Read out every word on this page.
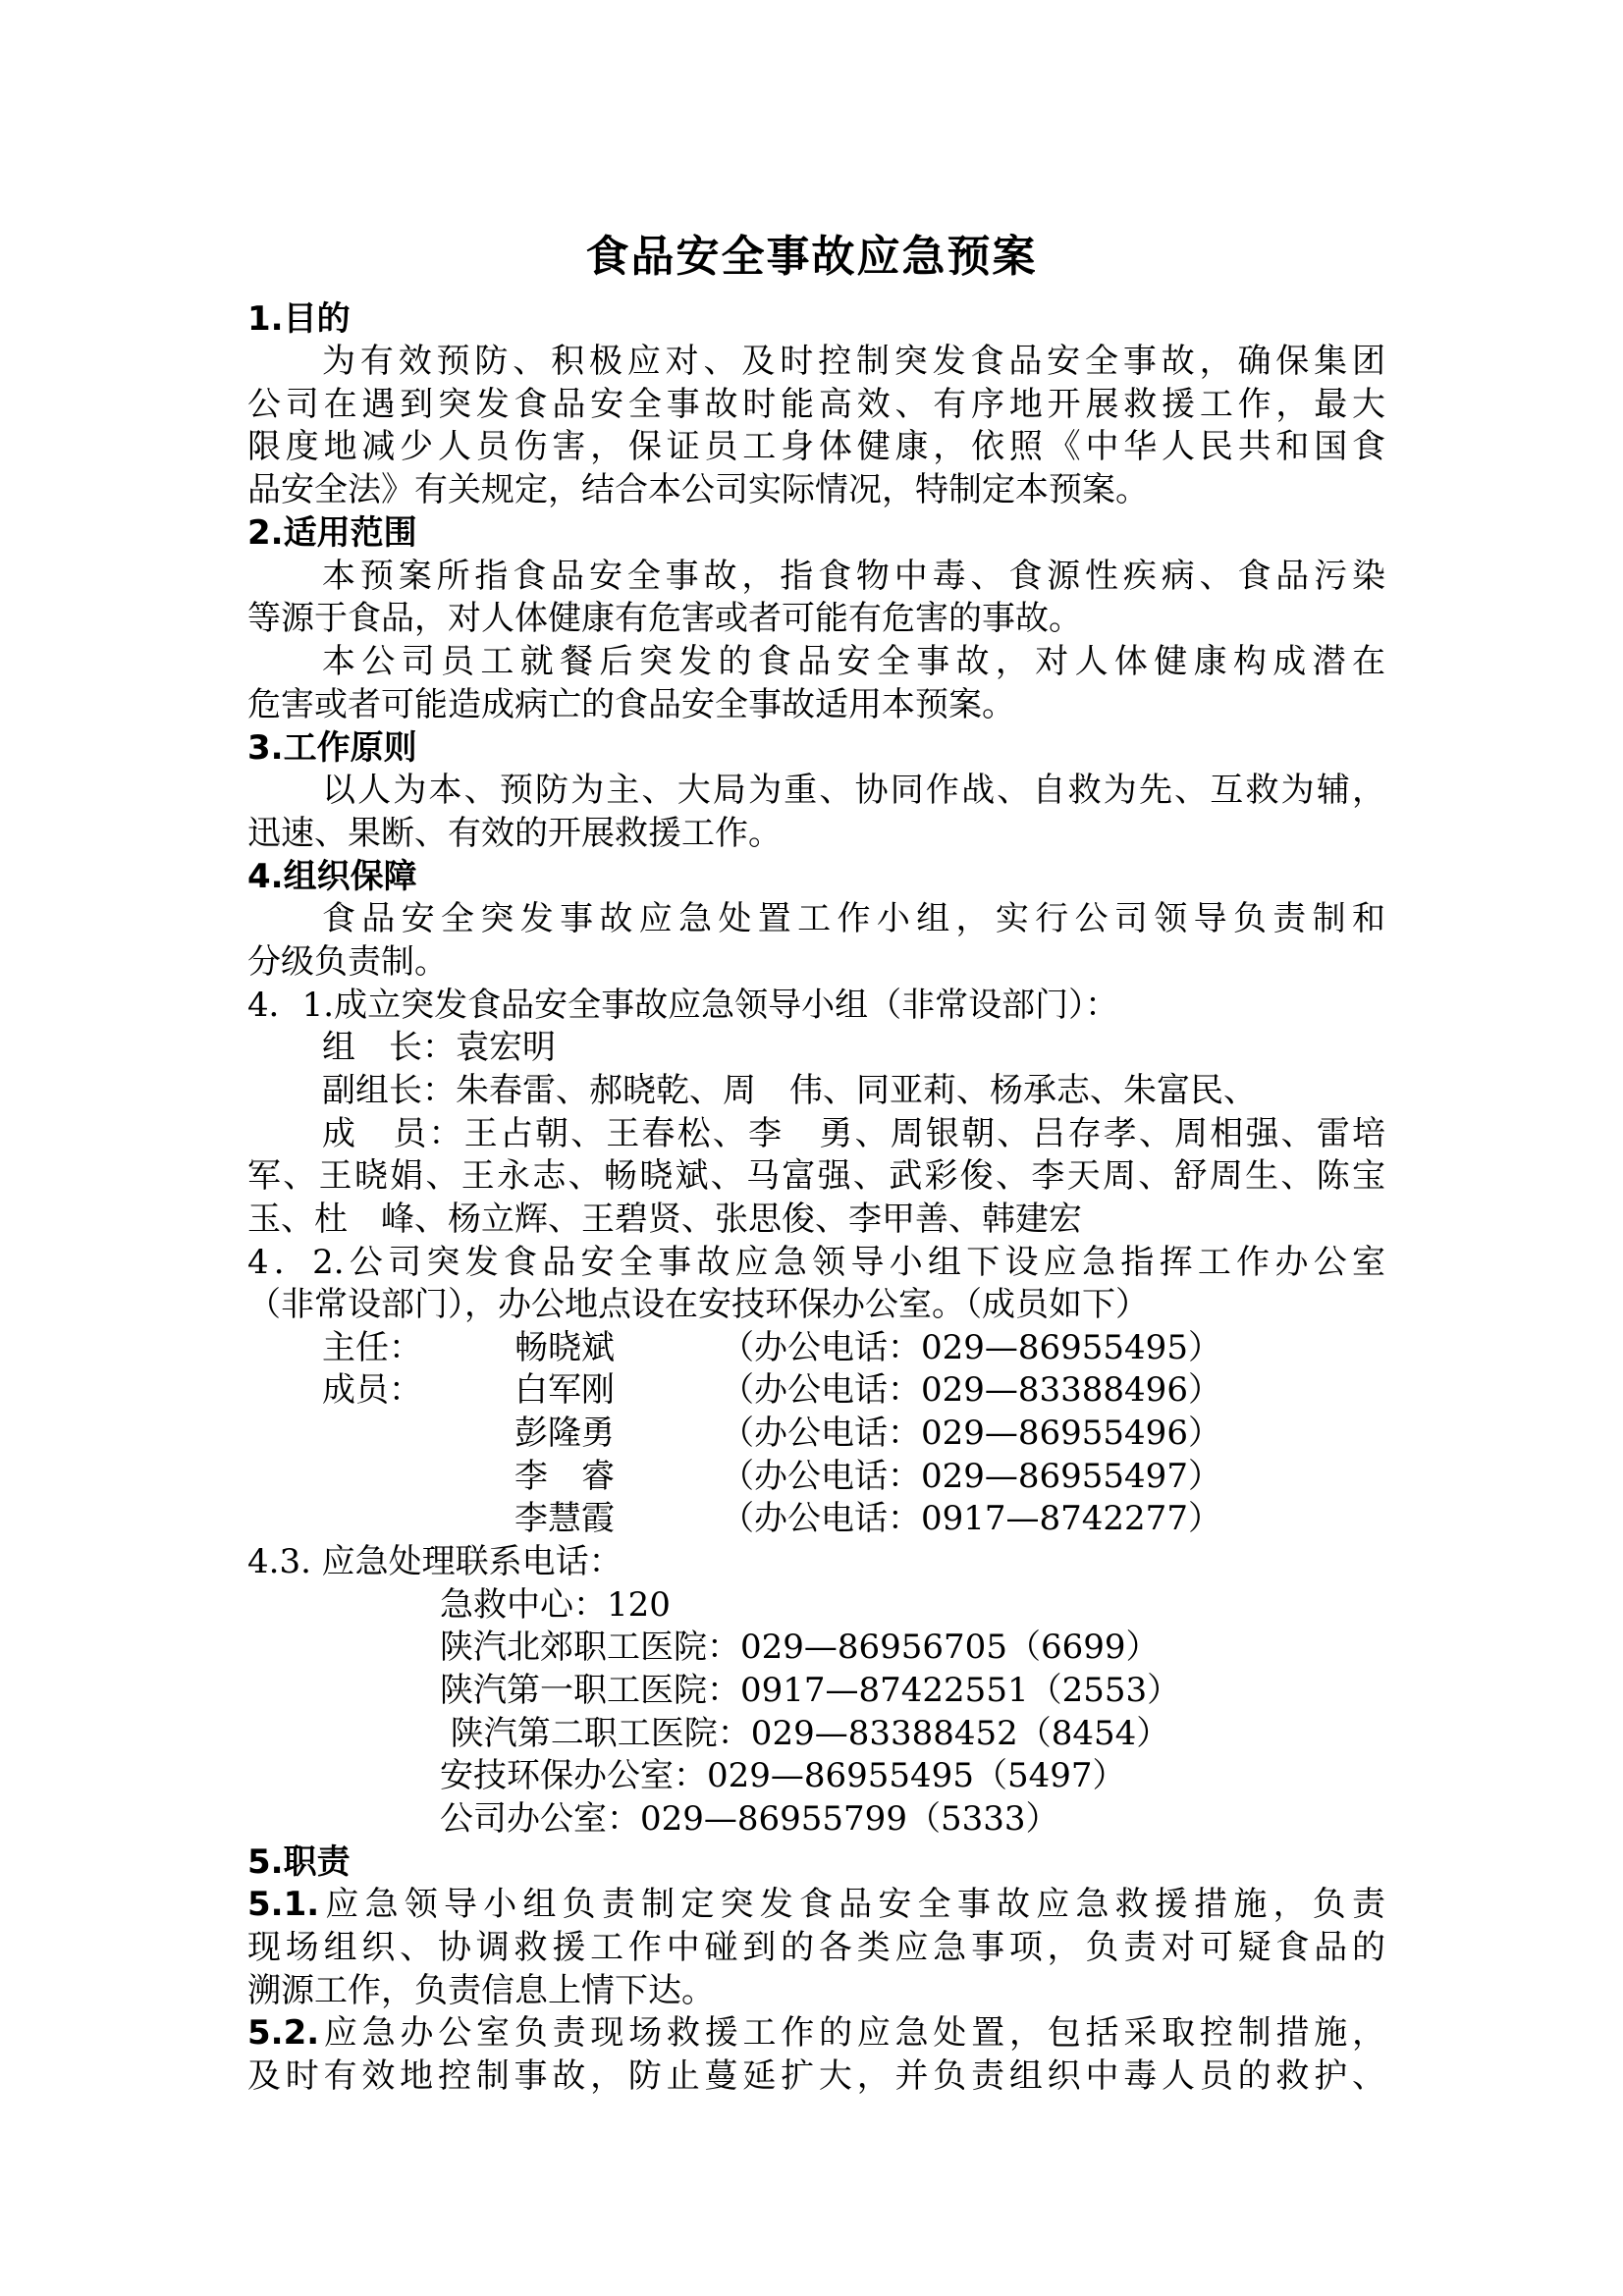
食品安全事故应急预案
1.目的
为有效预防、积极应对、及时控制突发食品安全事故，确保集团
公司在遇到突发食品安全事故时能高效、有序地开展救援工作，最大
限度地减少人员伤害，保证员工身体健康，依照《中华人民共和国食
品安全法》有关规定，结合本公司实际情况，特制定本预案。
2.适用范围
本预案所指食品安全事故，指食物中毒、食源性疾病、食品污染
等源于食品，对人体健康有危害或者可能有危害的事故。
本公司员工就餐后突发的食品安全事故，对人体健康构成潜在
危害或者可能造成病亡的食品安全事故适用本预案。
3.工作原则
以人为本、预防为主、大局为重、协同作战、自救为先、互救为辅，
迅速、果断、有效的开展救援工作。
4.组织保障
食品安全突发事故应急处置工作小组，实行公司领导负责制和
分级负责制。
4．1.成立突发食品安全事故应急领导小组（非常设部门）：
组　长：袁宏明
副组长：朱春雷、郝晓乾、周　伟、同亚莉、杨承志、朱富民、
成　员：王占朝、王春松、李　勇、周银朝、吕存孝、周相强、雷培
军、王晓娟、王永志、畅晓斌、马富强、武彩俊、李天周、舒周生、陈宝
玉、杜　峰、杨立辉、王碧贤、张思俊、李甲善、韩建宏
4．2.公司突发食品安全事故应急领导小组下设应急指挥工作办公室
（非常设部门），办公地点设在安技环保办公室。（成员如下）
主任：	畅晓斌	（办公电话：029—86955495）
成员：	白军刚	（办公电话：029—83388496）
彭隆勇	（办公电话：029—86955496）
李　睿	（办公电话：029—86955497）
李慧霞	（办公电话：0917—8742277）
4.3. 应急处理联系电话：
急救中心：120
陕汽北郊职工医院：029—86956705（6699）
陕汽第一职工医院：0917—87422551（2553）
陕汽第二职工医院：029—83388452（8454）
安技环保办公室：029—86955495（5497）
公司办公室：029—86955799（5333）
5.职责
5.1.应急领导小组负责制定突发食品安全事故应急救援措施，负责
现场组织、协调救援工作中碰到的各类应急事项，负责对可疑食品的
溯源工作，负责信息上情下达。
5.2.应急办公室负责现场救援工作的应急处置，包括采取控制措施，
及时有效地控制事故，防止蔓延扩大，并负责组织中毒人员的救护、
